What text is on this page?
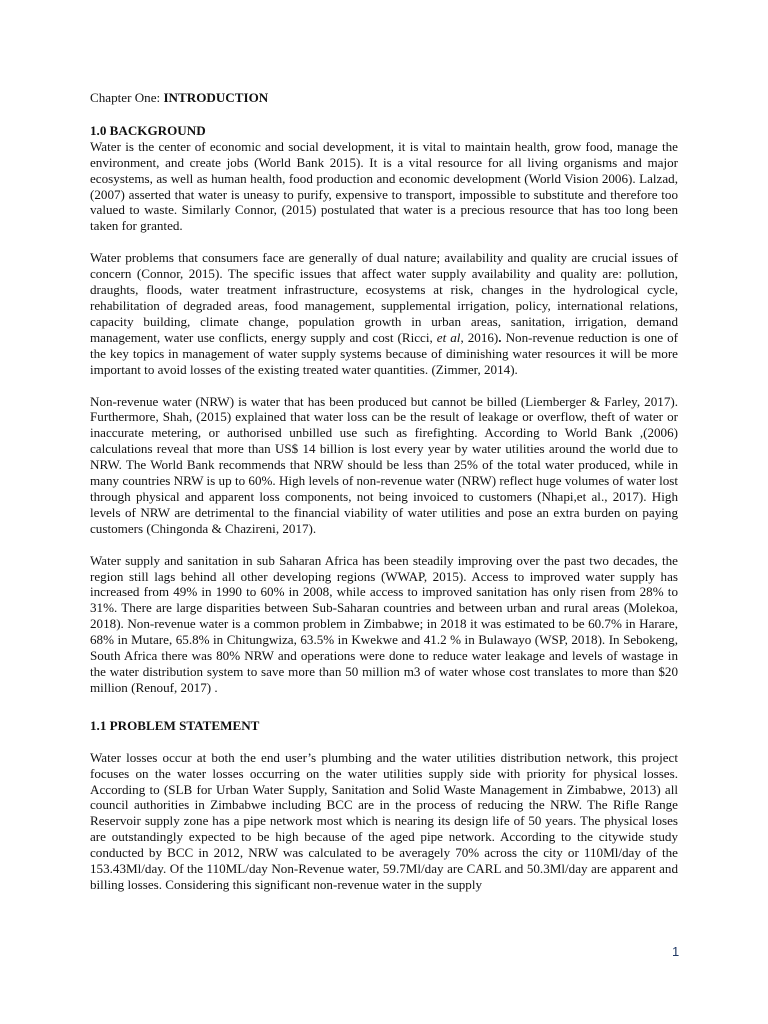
Chapter One: INTRODUCTION
1.0 BACKGROUND

Water is the center of economic and social development, it is vital to maintain health, grow food, manage the environment, and create jobs (World Bank 2015). It is a vital resource for all living organisms and major ecosystems, as well as human health, food production and economic development (World Vision 2006). Lalzad, (2007) asserted that water is uneasy to purify, expensive to transport, impossible to substitute and therefore too valued to waste. Similarly Connor, (2015) postulated that water is a precious resource that has too long been taken for granted.

Water problems that consumers face are generally of dual nature; availability and quality are crucial issues of concern (Connor, 2015). The specific issues that affect water supply availability and quality are: pollution, draughts, floods, water treatment infrastructure, ecosystems at risk, changes in the hydrological cycle, rehabilitation of degraded areas, food management, supplemental irrigation, policy, international relations, capacity building, climate change, population growth in urban areas, sanitation, irrigation, demand management, water use conflicts, energy supply and cost (Ricci, et al, 2016). Non-revenue reduction is one of the key topics in management of water supply systems because of diminishing water resources it will be more important to avoid losses of the existing treated water quantities. (Zimmer, 2014).

Non-revenue water (NRW) is water that has been produced but cannot be billed (Liemberger & Farley, 2017). Furthermore, Shah, (2015) explained that water loss can be the result of leakage or overflow, theft of water or inaccurate metering, or authorised unbilled use such as firefighting. According to World Bank ,(2006) calculations reveal that more than US$ 14 billion is lost every year by water utilities around the world due to NRW. The World Bank recommends that NRW should be less than 25% of the total water produced, while in many countries NRW is up to 60%. High levels of non-revenue water (NRW) reflect huge volumes of water lost through physical and apparent loss components, not being invoiced to customers (Nhapi,et al., 2017). High levels of NRW are detrimental to the financial viability of water utilities and pose an extra burden on paying customers (Chingonda & Chazireni, 2017).

Water supply and sanitation in sub Saharan Africa has been steadily improving over the past two decades, the region still lags behind all other developing regions (WWAP, 2015). Access to improved water supply has increased from 49% in 1990 to 60% in 2008, while access to improved sanitation has only risen from 28% to 31%. There are large disparities between Sub-Saharan countries and between urban and rural areas (Molekoa, 2018). Non-revenue water is a common problem in Zimbabwe; in 2018 it was estimated to be 60.7% in Harare, 68% in Mutare, 65.8% in Chitungwiza, 63.5% in Kwekwe and 41.2 % in Bulawayo (WSP, 2018). In Sebokeng, South Africa there was 80% NRW and operations were done to reduce water leakage and levels of wastage in the water distribution system to save more than 50 million m3 of water whose cost translates to more than $20 million (Renouf, 2017) .

1.1 PROBLEM STATEMENT

Water losses occur at both the end user’s plumbing and the water utilities distribution network, this project focuses on the water losses occurring on the water utilities supply side with priority for physical losses. According to (SLB for Urban Water Supply, Sanitation and Solid Waste Management in Zimbabwe, 2013) all council authorities in Zimbabwe including BCC are in the process of reducing the NRW. The Rifle Range Reservoir supply zone has a pipe network most which is nearing its design life of 50 years. The physical loses are outstandingly expected to be high because of the aged pipe network. According to the citywide study conducted by BCC in 2012, NRW was calculated to be averagely 70% across the city or 110Ml/day of the 153.43Ml/day. Of the 110ML/day Non-Revenue water, 59.7Ml/day are CARL and 50.3Ml/day are apparent and billing losses. Considering this significant non-revenue water in the supply

1
